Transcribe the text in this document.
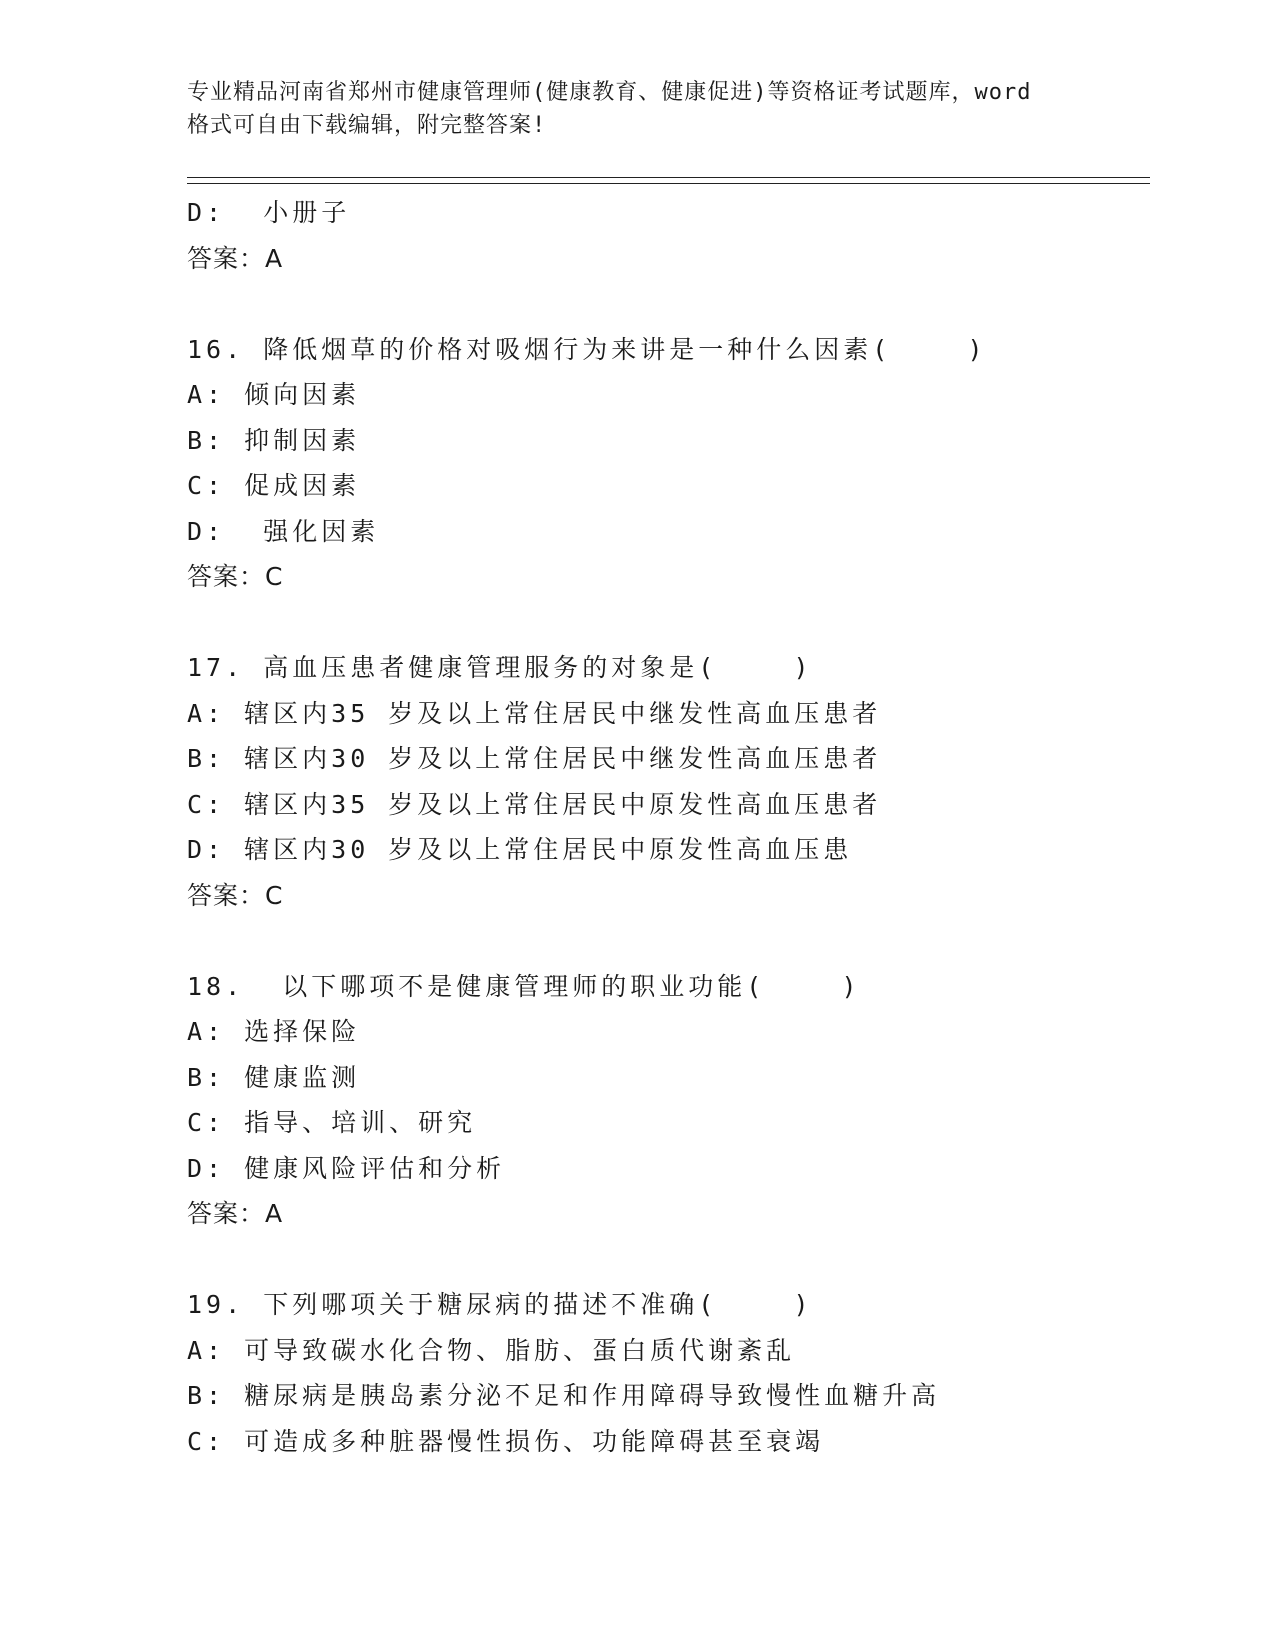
专业精品河南省郑州市健康管理师(健康教育、健康促进)等资格证考试题库，word
格式可自由下载编辑，附完整答案!
D:  小册子
答案：A
16. 降低烟草的价格对吸烟行为来讲是一种什么因素(    )
A: 倾向因素
B: 抑制因素
C: 促成因素
D:  强化因素
答案：C
17. 高血压患者健康管理服务的对象是(    )
A: 辖区内35 岁及以上常住居民中继发性高血压患者
B: 辖区内30 岁及以上常住居民中继发性高血压患者
C: 辖区内35 岁及以上常住居民中原发性高血压患者
D: 辖区内30 岁及以上常住居民中原发性高血压患
答案：C
18.  以下哪项不是健康管理师的职业功能(    )
A: 选择保险
B: 健康监测
C: 指导、培训、研究
D: 健康风险评估和分析
答案：A
19. 下列哪项关于糖尿病的描述不准确(    )
A: 可导致碳水化合物、脂肪、蛋白质代谢紊乱
B: 糖尿病是胰岛素分泌不足和作用障碍导致慢性血糖升高
C: 可造成多种脏器慢性损伤、功能障碍甚至衰竭
